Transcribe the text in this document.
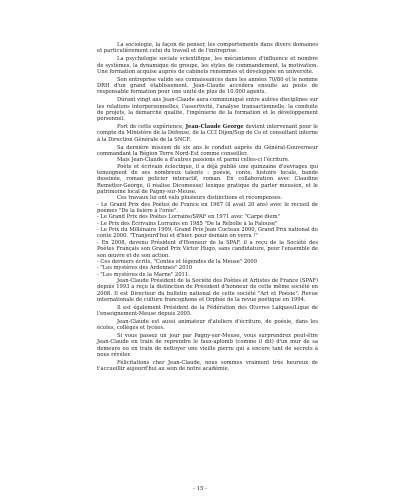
La sociologie, la façon de penser, les comportements dans divers domaines et particulièrement celui du travail et de l'entreprise.

La psychologie sociale scientifique, les mécanismes d'influence et nombre de systèmes, la dynamique de groupe, les styles de commandement, la motivation. Une formation acquise auprès de cabinets renommés et développée en université.

Son entreprise valide ses connaissances dans les années 70/80 et le nomme DRH d'un grand établissement. Jean-Claude accédera ensuite au poste de responsable formation pour une unité de plus de 10.000 agents.

Durant vingt ans Jean-Claude aura communiqué entre autres disciplines sur les relations interpersonnelles, l'assertivité, l'analyse transactionnelle, la conduite de projets, la démarche qualité, l'ingénierie de la formation et le développement personnel.

Fort de cette expérience, Jean-Claude George devient intervenant pour le compte du Ministère de la Défense, de la CCI Dijon/Sup de Co et consultant interne à la Direction Générale de la SNCF.

Sa dernière mission de six ans le conduit auprès du Général-Gouverneur commandant la Région Terre Nord-Est comme conseiller.

Mais Jean-Claude a d'autres passions et parmi celles-ci l'écriture.

Poète et écrivain éclectique, il a déjà publié une quinzaine d'ouvrages qui témoignent de ses nombreux talents : poésie, conte, histoire locale, bande dessinée, roman policier interactif, roman. En collaboration avec Claudine Remetter-George, il réalise Dicomeuse/ lexique pratique du parler meusien, et le patrimoine local de Pagny-sur-Meuse.

Ces travaux lui ont valu plusieurs distinctions et récompenses.

- Le Grand Prix des Poètes de France en 1967 (il avait 20 ans) avec le recueil de poèmes "De la lisière à l'orée".
- Le Grand Prix des Poètes Lorrains/SPAF en 1971 avec "Carpe diem"
- Le Prix des Écrivains Lorrains en 1985 "De la Rébolle à la Falouse"
- Le Prix du Millénaire 1999, Grand Prix Jean Cocteau 2000, Grand Prix national du conte 2000. "Tranjourd'hui et d'hier, pour demain on verra !"
- En 2008, devenu Président d'Honneur de la SPAF, il a reçu de la Société des Poètes Français son Grand Prix Victor Hugo, sans candidature, pour l'ensemble de son œuvre et de son action.
- Ces derniers écrits, "Contes et légendes de la Meuse" 2009
- "Les mystères des Ardennes" 2010
- "Les mystères de la Marne" 2011.

Jean-Claude Président de la Société des Poètes et Artistes de France (SPAF) depuis 1993 a reçu la distinction de Président d'honneur de cette même société en 2008. Il est Directeur du bulletin national de cette société "Art et Poésie". Revue internationale de culture francophone et Orphée de la revue poétique en 1994.

Il est également Président de la Fédération des Œuvres Laïques/Ligue de l'enseignement-Meuse depuis 2005.

Jean-Claude est aussi animateur d'ateliers d'écriture, de poésie, dans les écoles, collèges et lycées.

Si vous passez un jour par Pagny-sur-Meuse, vous surprendrez peut-être Jean-Claude en train de reprendre le faux-aplomb (comme il dit) d'un mur de sa demeure ou en train de nettoyer une vieille pierre qui a encore tant de secrets à nous révéler.

Félicitations cher Jean-Claude, nous sommes vraiment très heureux de t'accueillir aujourd'hui au sein de notre académie.

- 15 -
